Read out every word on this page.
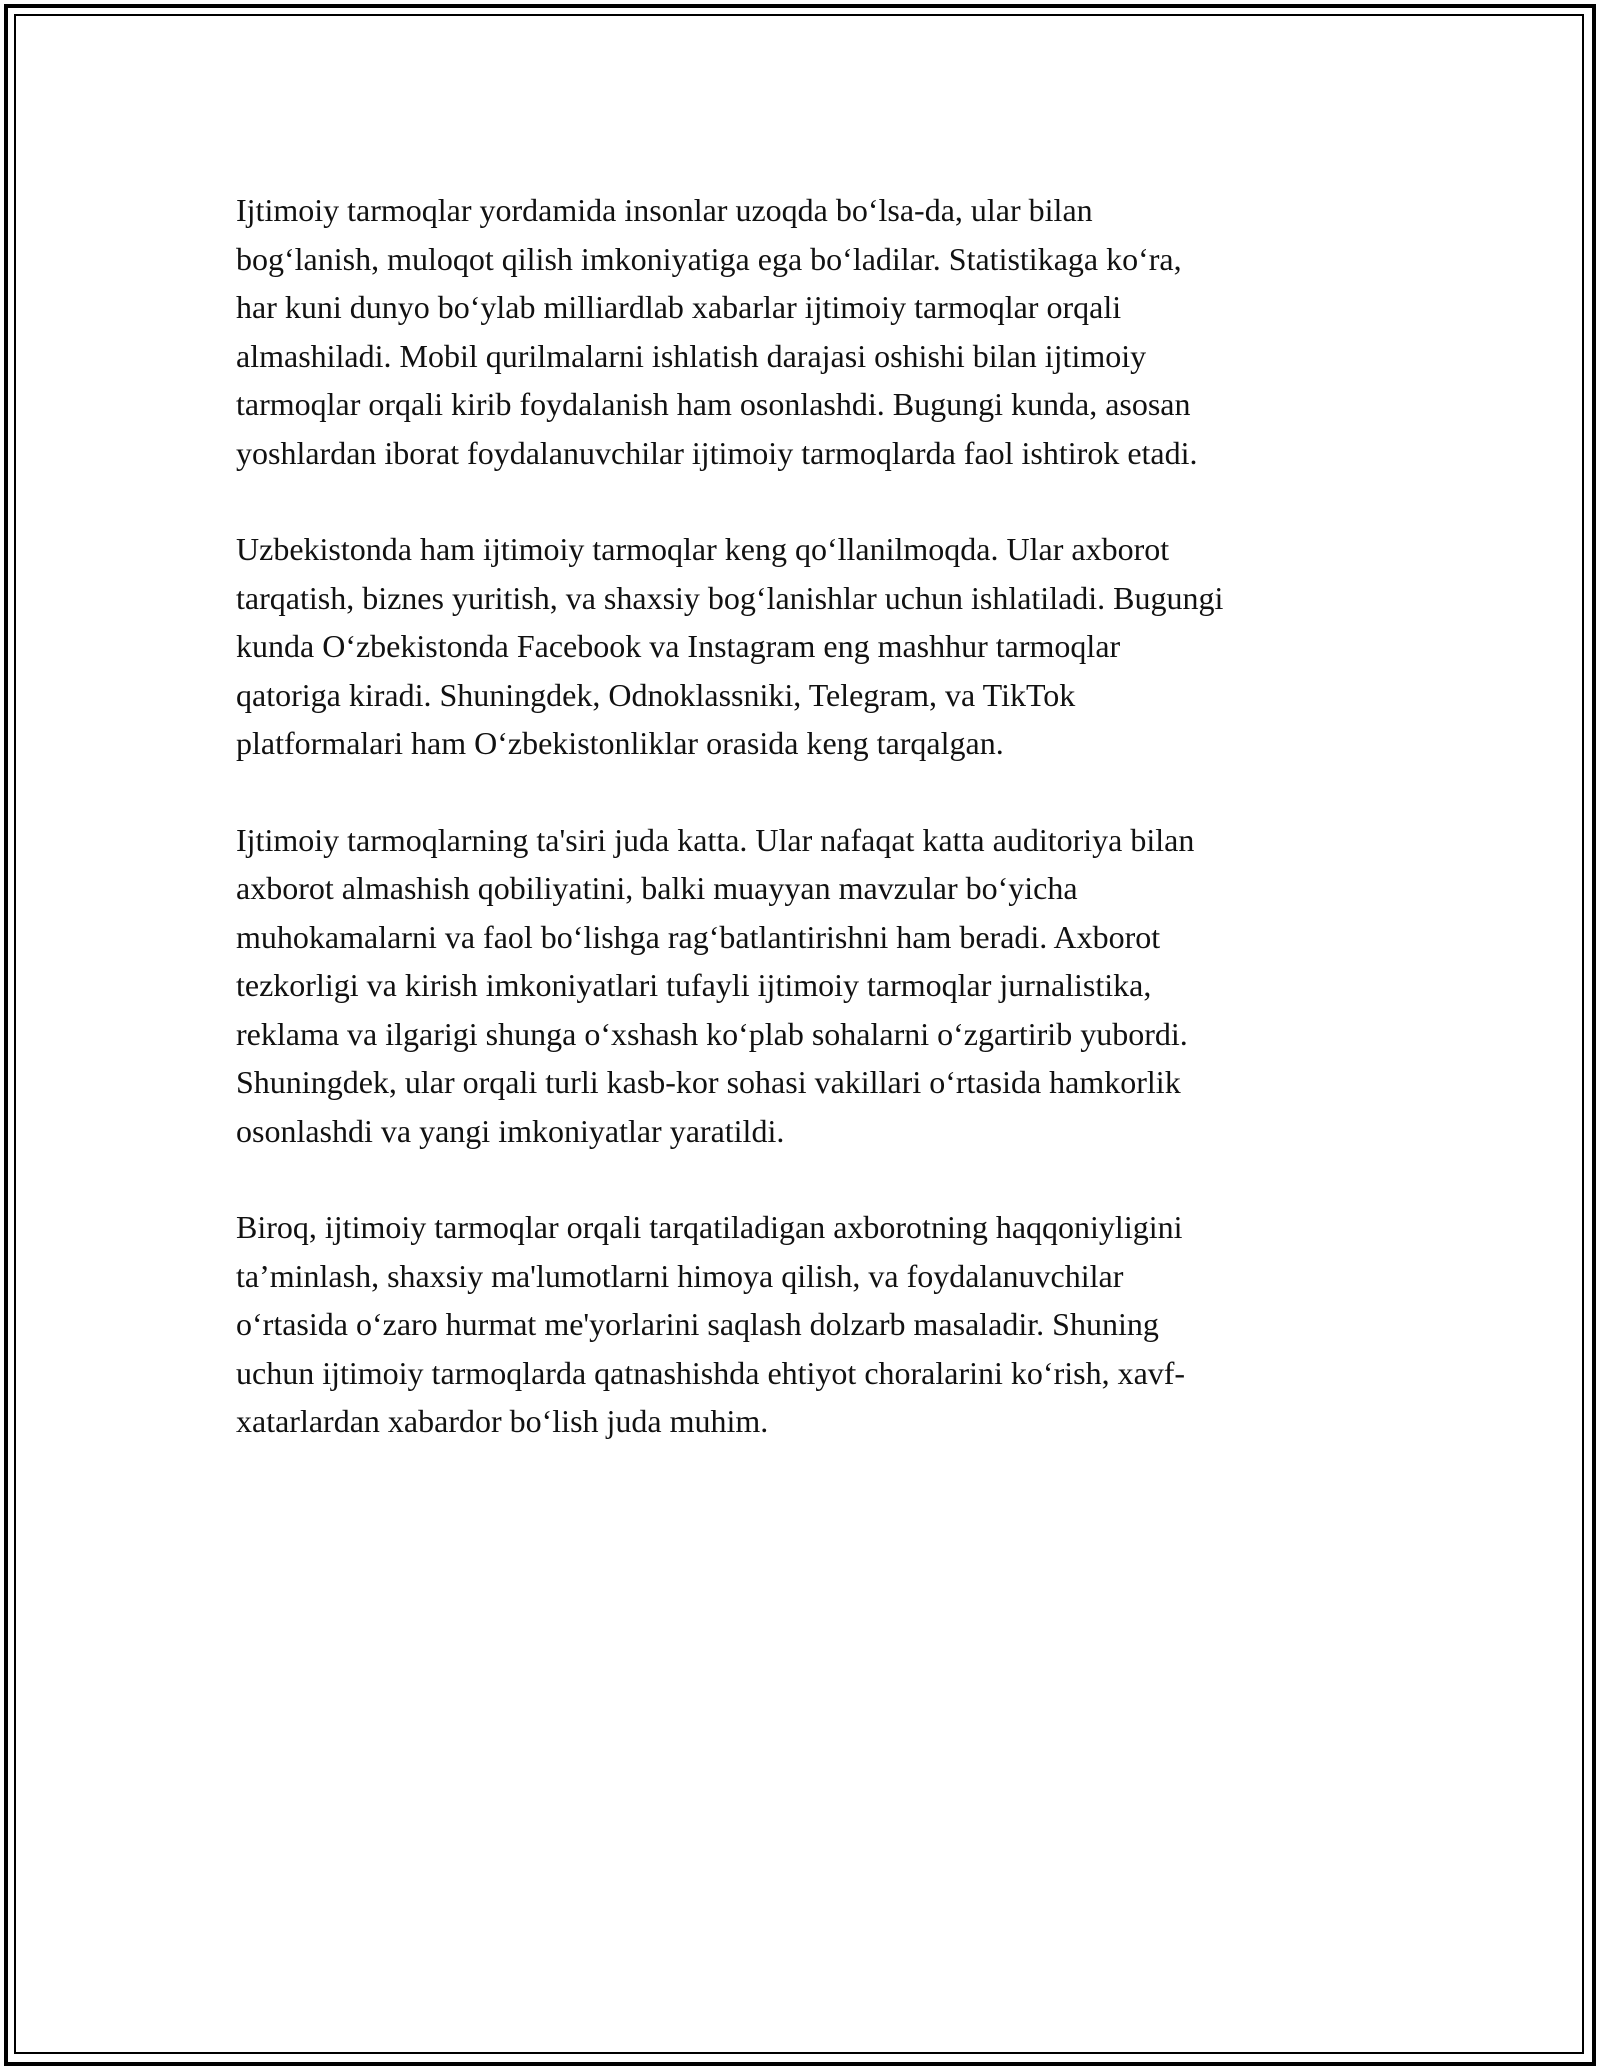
Ijtimoiy tarmoqlar yordamida insonlar uzoqda bo‘lsa-da, ular bilan
bog‘lanish, muloqot qilish imkoniyatiga ega bo‘ladilar. Statistikaga ko‘ra,
har kuni dunyo bo‘ylab milliardlab xabarlar ijtimoiy tarmoqlar orqali
almashiladi. Mobil qurilmalarni ishlatish darajasi oshishi bilan ijtimoiy
tarmoqlar orqali kirib foydalanish ham osonlashdi. Bugungi kunda, asosan
yoshlardan iborat foydalanuvchilar ijtimoiy tarmoqlarda faol ishtirok etadi.

Uzbekistonda ham ijtimoiy tarmoqlar keng qo‘llanilmoqda. Ular axborot
tarqatish, biznes yuritish, va shaxsiy bog‘lanishlar uchun ishlatiladi. Bugungi
kunda O‘zbekistonda Facebook va Instagram eng mashhur tarmoqlar
qatoriga kiradi. Shuningdek, Odnoklassniki, Telegram, va TikTok
platformalari ham O‘zbekistonliklar orasida keng tarqalgan.

Ijtimoiy tarmoqlarning ta'siri juda katta. Ular nafaqat katta auditoriya bilan
axborot almashish qobiliyatini, balki muayyan mavzular bo‘yicha
muhokamalarni va faol bo‘lishga rag‘batlantirishni ham beradi. Axborot
tezkorligi va kirish imkoniyatlari tufayli ijtimoiy tarmoqlar jurnalistika,
reklama va ilgarigi shunga o‘xshash ko‘plab sohalarni o‘zgartirib yubordi.
Shuningdek, ular orqali turli kasb-kor sohasi vakillari o‘rtasida hamkorlik
osonlashdi va yangi imkoniyatlar yaratildi.

Biroq, ijtimoiy tarmoqlar orqali tarqatiladigan axborotning haqqoniyligini
ta’minlash, shaxsiy ma'lumotlarni himoya qilish, va foydalanuvchilar
o‘rtasida o‘zaro hurmat me'yorlarini saqlash dolzarb masaladir. Shuning
uchun ijtimoiy tarmoqlarda qatnashishda ehtiyot choralarini ko‘rish, xavf-
xatarlardan xabardor bo‘lish juda muhim.
